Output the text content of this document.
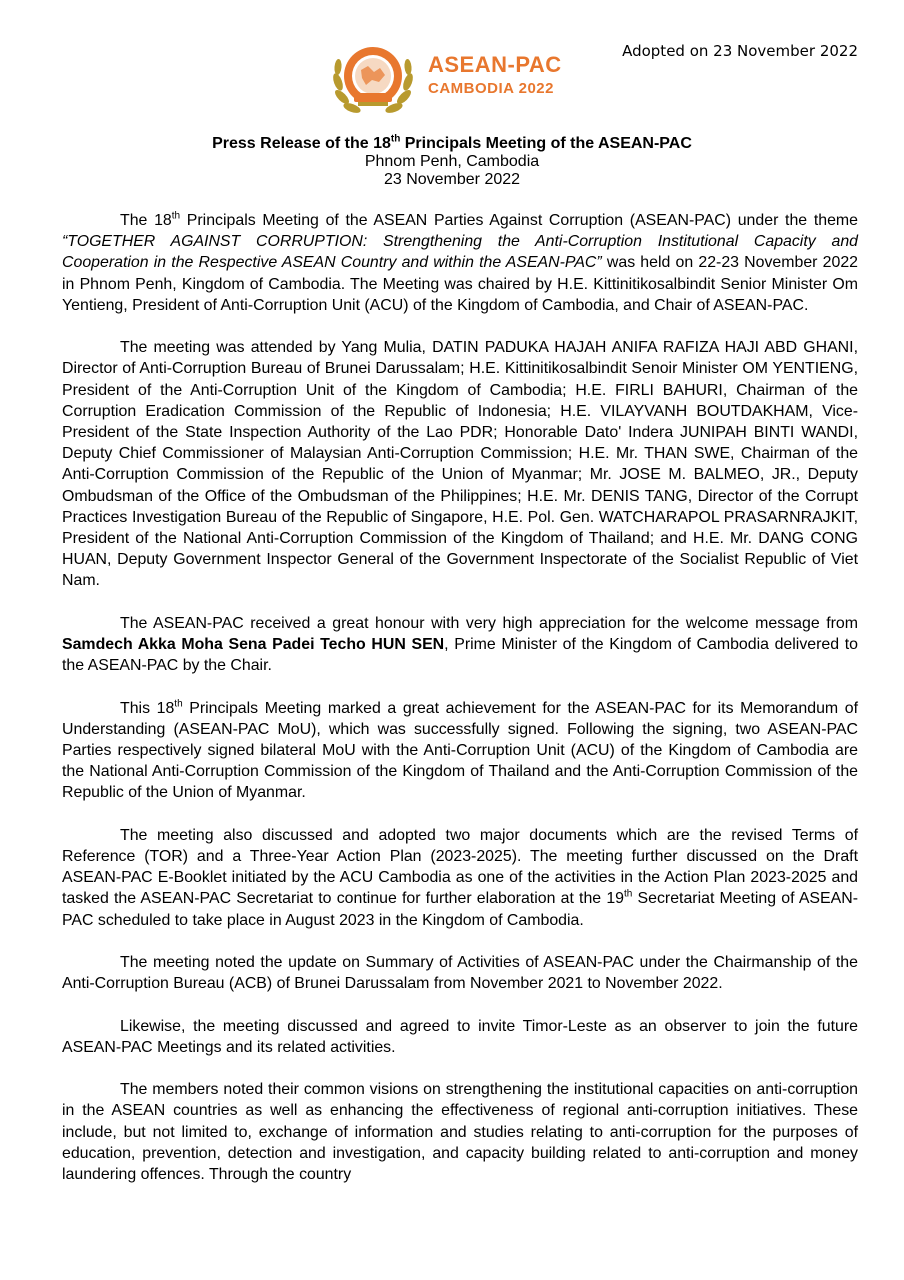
Adopted on 23 November 2022
ASEAN-PAC
CAMBODIA 2022
Press Release of the 18th Principals Meeting of the ASEAN-PAC
Phnom Penh, Cambodia
23 November 2022

The 18th Principals Meeting of the ASEAN Parties Against Corruption (ASEAN-PAC) under the theme “TOGETHER AGAINST CORRUPTION: Strengthening the Anti-Corruption Institutional Capacity and Cooperation in the Respective ASEAN Country and within the ASEAN-PAC” was held on 22-23 November 2022 in Phnom Penh, Kingdom of Cambodia. The Meeting was chaired by H.E. Kittinitikosalbindit Senior Minister Om Yentieng, President of Anti-Corruption Unit (ACU) of the Kingdom of Cambodia, and Chair of ASEAN-PAC.

The meeting was attended by Yang Mulia, DATIN PADUKA HAJAH ANIFA RAFIZA HAJI ABD GHANI, Director of Anti-Corruption Bureau of Brunei Darussalam; H.E. Kittinitikosalbindit Senoir Minister OM YENTIENG, President of the Anti-Corruption Unit of the Kingdom of Cambodia; H.E. FIRLI BAHURI, Chairman of the Corruption Eradication Commission of the Republic of Indonesia; H.E. VILAYVANH BOUTDAKHAM, Vice-President of the State Inspection Authority of the Lao PDR; Honorable Dato' Indera JUNIPAH BINTI WANDI, Deputy Chief Commissioner of Malaysian Anti-Corruption Commission; H.E. Mr. THAN SWE, Chairman of the Anti-Corruption Commission of the Republic of the Union of Myanmar; Mr. JOSE M. BALMEO, JR., Deputy Ombudsman of the Office of the Ombudsman of the Philippines; H.E. Mr. DENIS TANG, Director of the Corrupt Practices Investigation Bureau of the Republic of Singapore, H.E. Pol. Gen. WATCHARAPOL PRASARNRAJKIT, President of the National Anti-Corruption Commission of the Kingdom of Thailand; and H.E. Mr. DANG CONG HUAN, Deputy Government Inspector General of the Government Inspectorate of the Socialist Republic of Viet Nam.

The ASEAN-PAC received a great honour with very high appreciation for the welcome message from Samdech Akka Moha Sena Padei Techo HUN SEN, Prime Minister of the Kingdom of Cambodia delivered to the ASEAN-PAC by the Chair.

This 18th Principals Meeting marked a great achievement for the ASEAN-PAC for its Memorandum of Understanding (ASEAN-PAC MoU), which was successfully signed. Following the signing, two ASEAN-PAC Parties respectively signed bilateral MoU with the Anti-Corruption Unit (ACU) of the Kingdom of Cambodia are the National Anti-Corruption Commission of the Kingdom of Thailand and the Anti-Corruption Commission of the Republic of the Union of Myanmar.

The meeting also discussed and adopted two major documents which are the revised Terms of Reference (TOR) and a Three-Year Action Plan (2023-2025). The meeting further discussed on the Draft ASEAN-PAC E-Booklet initiated by the ACU Cambodia as one of the activities in the Action Plan 2023-2025 and tasked the ASEAN-PAC Secretariat to continue for further elaboration at the 19th Secretariat Meeting of ASEAN-PAC scheduled to take place in August 2023 in the Kingdom of Cambodia.

The meeting noted the update on Summary of Activities of ASEAN-PAC under the Chairmanship of the Anti-Corruption Bureau (ACB) of Brunei Darussalam from November 2021 to November 2022.

Likewise, the meeting discussed and agreed to invite Timor-Leste as an observer to join the future ASEAN-PAC Meetings and its related activities.

The members noted their common visions on strengthening the institutional capacities on anti-corruption in the ASEAN countries as well as enhancing the effectiveness of regional anti-corruption initiatives. These include, but not limited to, exchange of information and studies relating to anti-corruption for the purposes of education, prevention, detection and investigation, and capacity building related to anti-corruption and money laundering offences. Through the country
